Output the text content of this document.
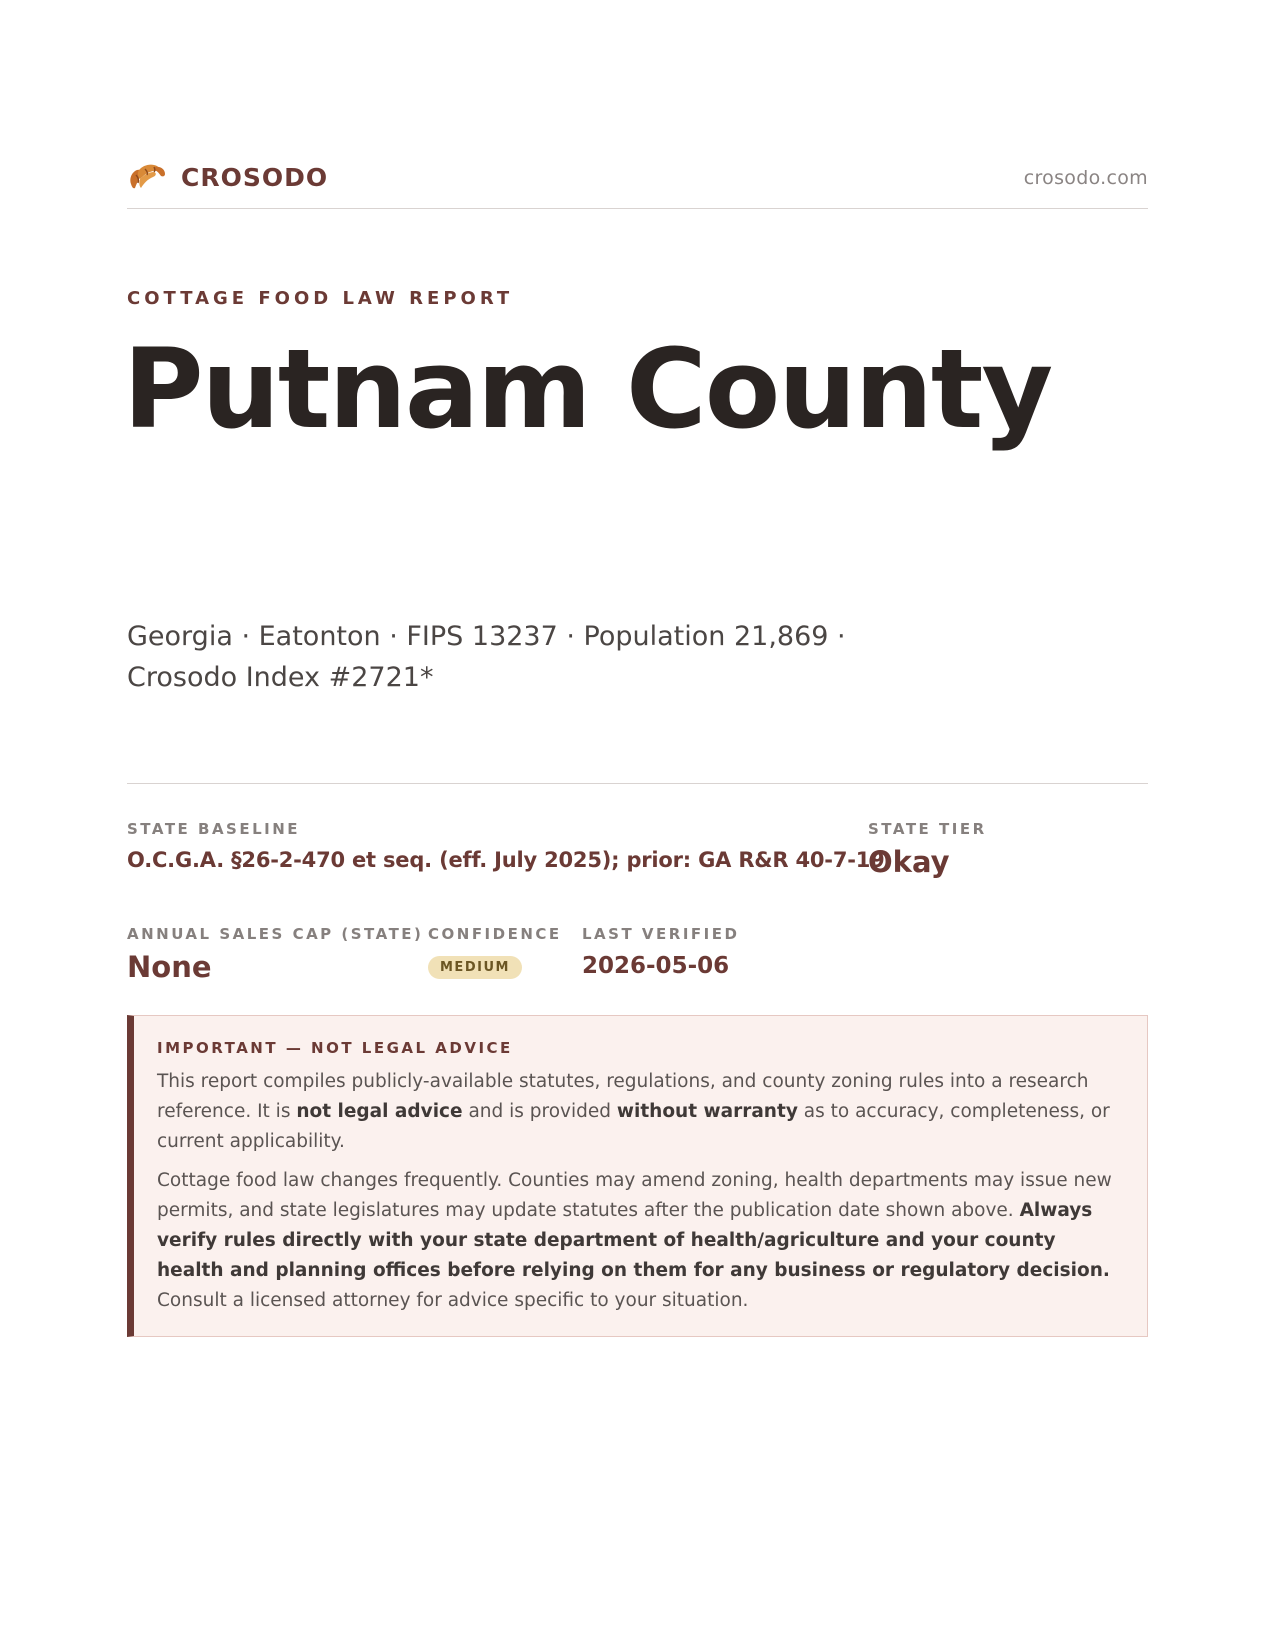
CROSODO	crosodo.com
COTTAGE FOOD LAW REPORT
Putnam County
Georgia · Eatonton · FIPS 13237 · Population 21,869 · Crosodo Index #2721*
STATE BASELINE
O.C.G.A. §26-2-470 et seq. (eff. July 2025); prior: GA R&R 40-7-19
STATE TIER
Okay
ANNUAL SALES CAP (STATE)
None
CONFIDENCE
MEDIUM
LAST VERIFIED
2026-05-06
IMPORTANT — NOT LEGAL ADVICE

This report compiles publicly-available statutes, regulations, and county zoning rules into a research reference. It is not legal advice and is provided without warranty as to accuracy, completeness, or current applicability.

Cottage food law changes frequently. Counties may amend zoning, health departments may issue new permits, and state legislatures may update statutes after the publication date shown above. Always verify rules directly with your state department of health/agriculture and your county health and planning offices before relying on them for any business or regulatory decision. Consult a licensed attorney for advice specific to your situation.
